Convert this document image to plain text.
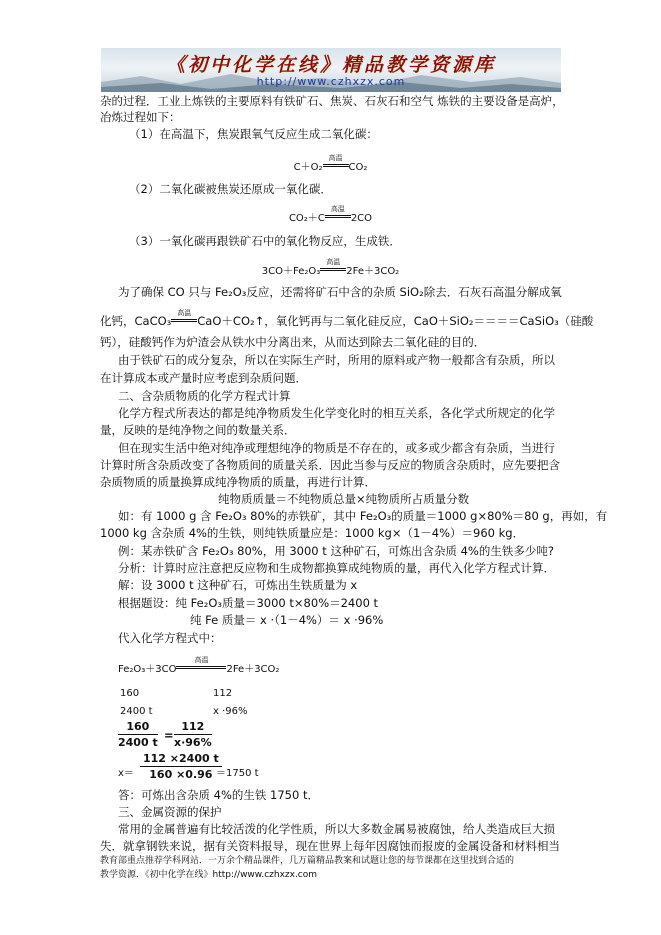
《初中化学在线》精品教学资源库
http://www.czhxzx.com
杂的过程．工业上炼铁的主要原料有铁矿石、焦炭、石灰石和空气 炼铁的主要设备是高炉，
冶炼过程如下：
（1）在高温下，焦炭跟氧气反应生成二氧化碳：
C＋O₂
高温
CO₂
（2）二氧化碳被焦炭还原成一氧化碳．
CO₂＋C
高温
2CO
（3）一氧化碳再跟铁矿石中的氧化物反应，生成铁．
3CO＋Fe₂O₃
高温
2Fe＋3CO₂
为了确保 CO 只与 Fe₂O₃反应，还需将矿石中含的杂质 SiO₂除去．石灰石高温分解成氧
化钙，CaCO₃
高温
CaO＋CO₂↑，氧化钙再与二氧化硅反应，CaO＋SiO₂＝＝＝＝CaSiO₃（硅酸
钙），硅酸钙作为炉渣会从铁水中分离出来，从而达到除去二氧化硅的目的．
由于铁矿石的成分复杂，所以在实际生产时，所用的原料或产物一般都含有杂质，所以
在计算成本或产量时应考虑到杂质问题．
二、含杂质物质的化学方程式计算
化学方程式所表达的都是纯净物质发生化学变化时的相互关系，各化学式所规定的化学
量，反映的是纯净物之间的数量关系．
但在现实生活中绝对纯净或理想纯净的物质是不存在的，或多或少都含有杂质，当进行
计算时所含杂质改变了各物质间的质量关系．因此当参与反应的物质含杂质时，应先要把含
杂质物质的质量换算成纯净物质的质量，再进行计算．
纯物质质量＝不纯物质总量×纯物质所占质量分数
如：有 1000 g 含 Fe₂O₃ 80%的赤铁矿，其中 Fe₂O₃的质量＝1000 g×80%＝80 g，再如，有
1000 kg 含杂质 4%的生铁，则纯铁质量应是：1000 kg×（1－4%）＝960 kg．
例：某赤铁矿含 Fe₂O₃ 80%，用 3000 t 这种矿石，可炼出含杂质 4%的生铁多少吨?
分析：计算时应注意把反应物和生成物都换算成纯物质的量，再代入化学方程式计算．
解：设 3000 t 这种矿石，可炼出生铁质量为 x
根据题设：纯 Fe₂O₃质量＝3000 t×80%＝2400 t
纯 Fe 质量＝ x ·（1－4%）＝ x ·96%
代入化学方程式中：
Fe₂O₃＋3CO
高温
2Fe＋3CO₂
160	112
2400 t	x ·96%
$\frac{160}{2400 t} = \frac{112}{x\cdot 96\%}$
$x= \frac{112 \times 2400 t}{160 \times 0.96}$
＝1750 t
答：可炼出含杂质 4%的生铁 1750 t．
三、金属资源的保护
常用的金属普遍有比较活泼的化学性质，所以大多数金属易被腐蚀，给人类造成巨大损
失．就拿钢铁来说，据有关资料报导，现在世界上每年因腐蚀而报废的金属设备和材料相当
教育部重点推荐学科网站．一万余个精品课件，几万篇精品教案和试题让您的每节课都在这里找到合适的
教学资源．《初中化学在线》http://www.czhxzx.com
